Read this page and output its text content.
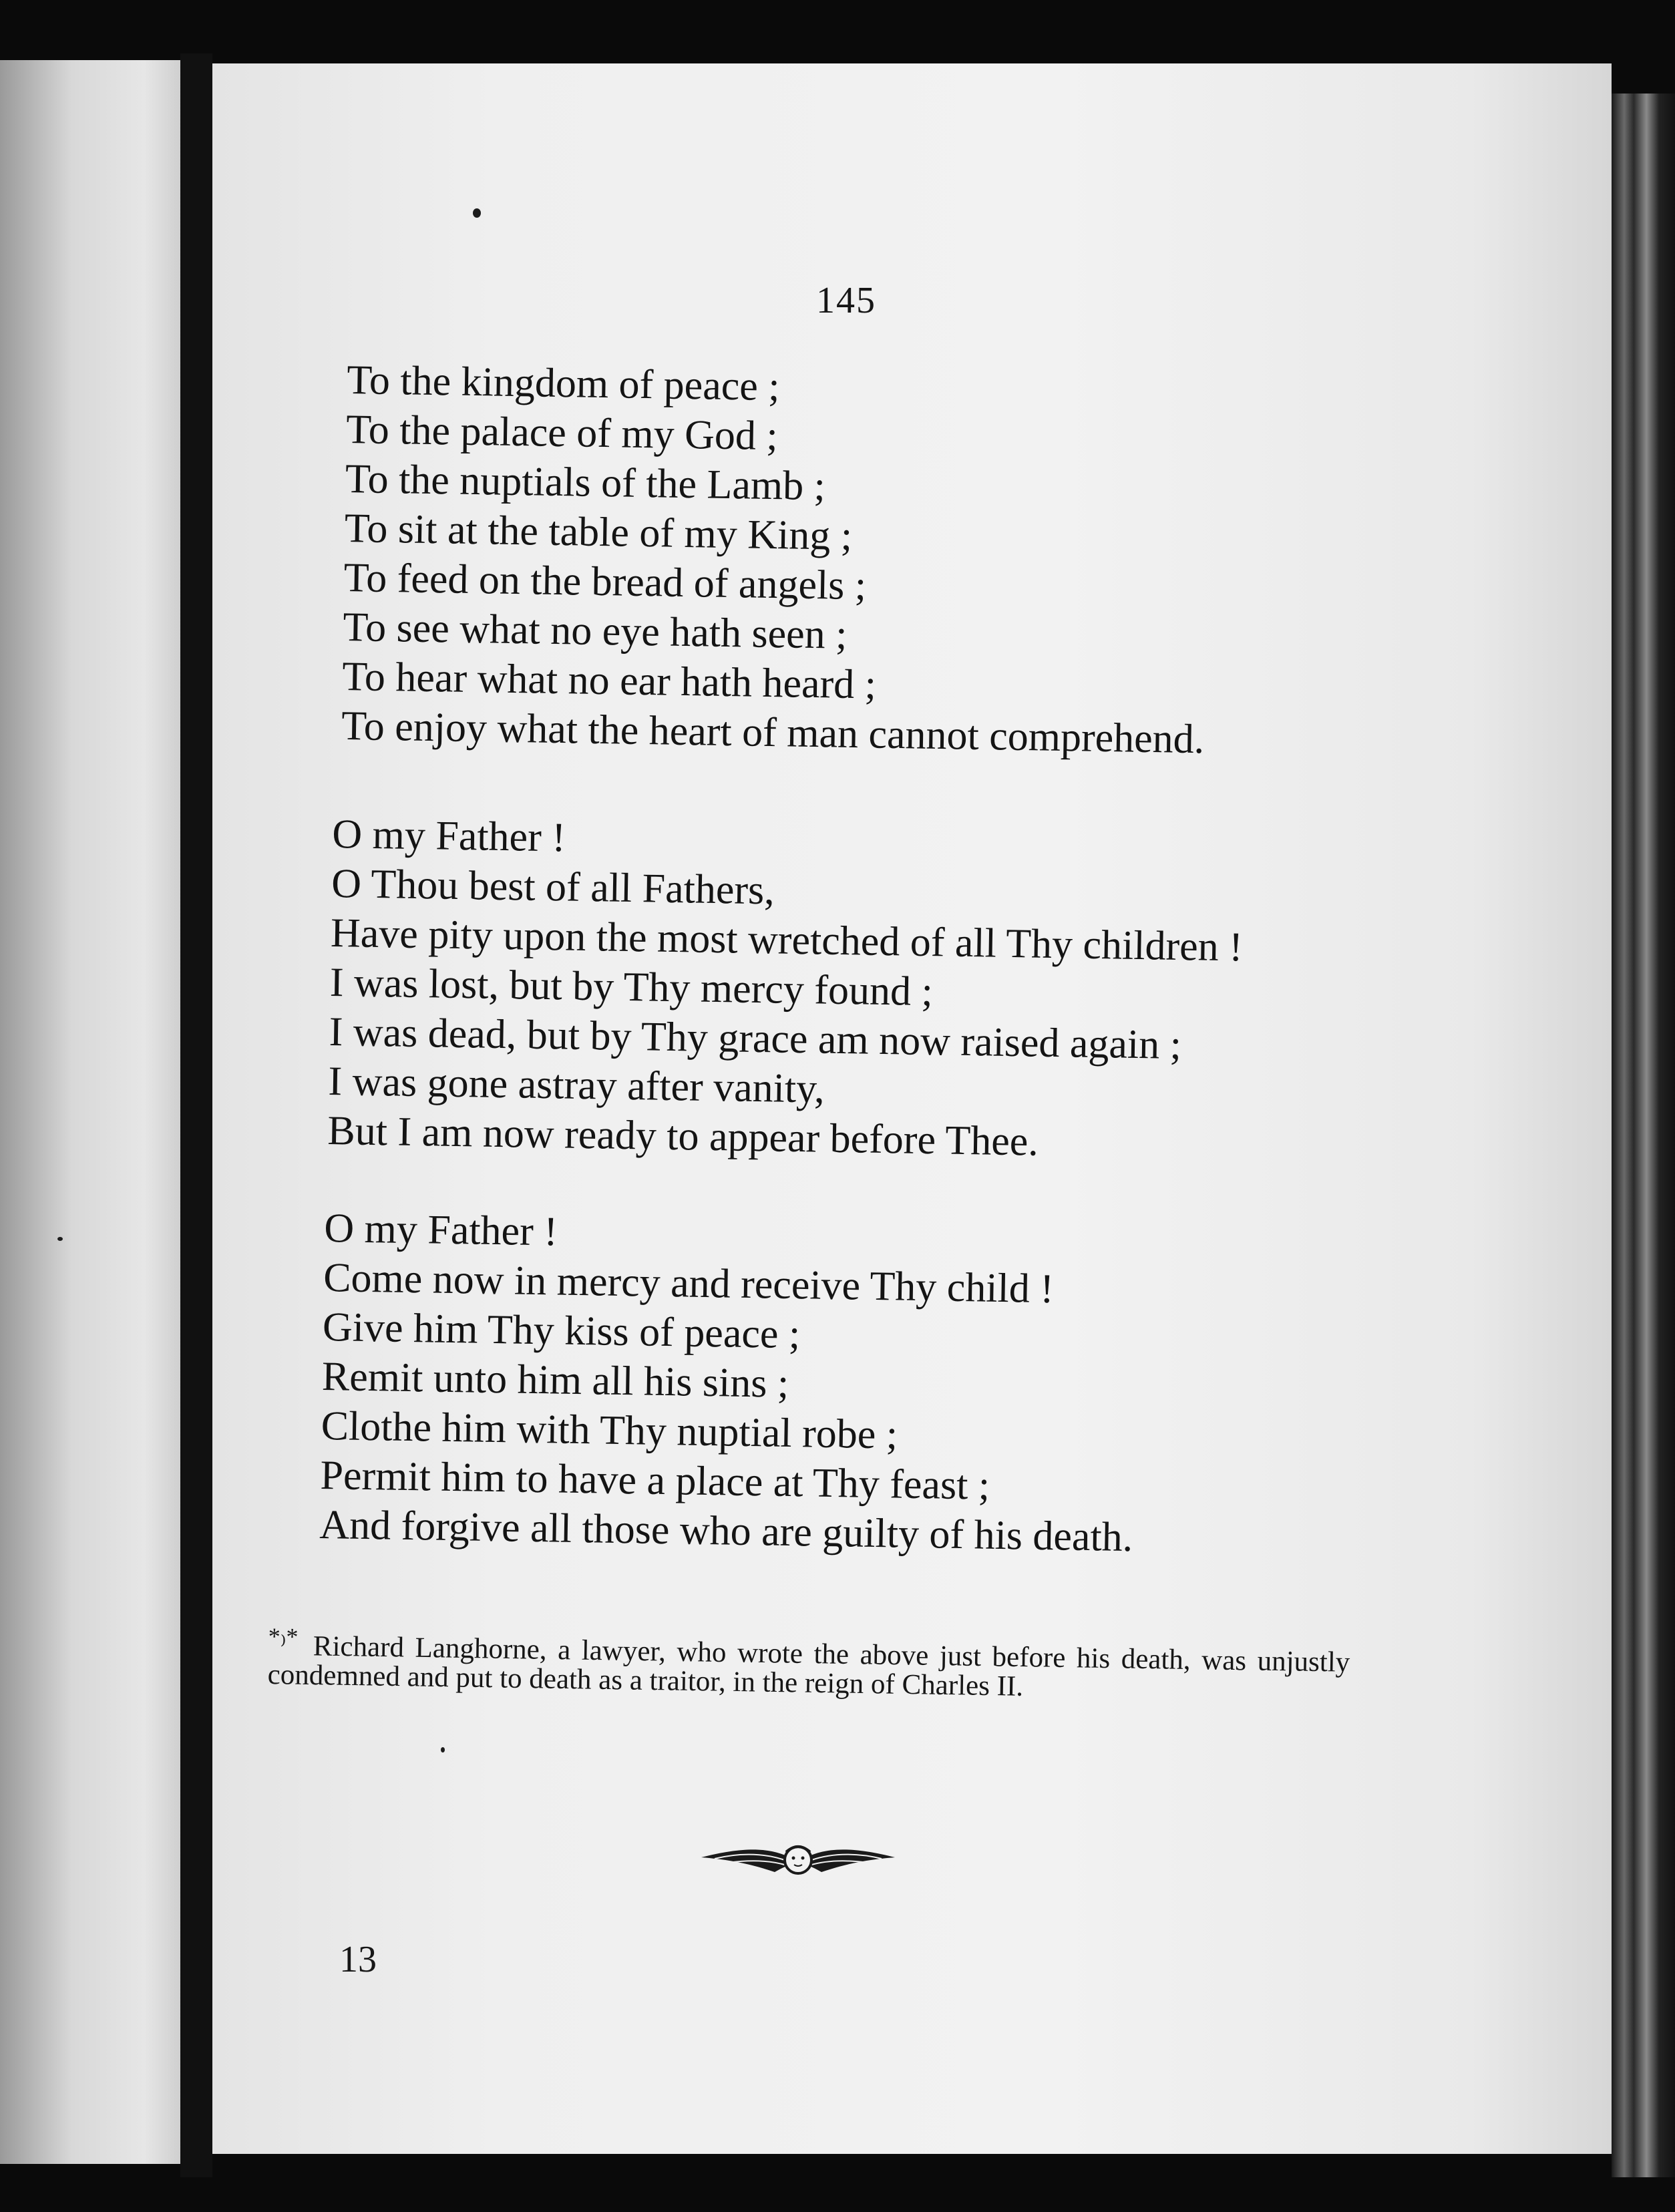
145
To the kingdom of peace ;
To the palace of my God ;
To the nuptials of the Lamb ;
To sit at the table of my King ;
To feed on the bread of angels ;
To see what no eye hath seen ;
To hear what no ear hath heard ;
To enjoy what the heart of man cannot comprehend.
O my Father !
O Thou best of all Fathers,
Have pity upon the most wretched of all Thy children !
I was lost, but by Thy mercy found ;
I was dead, but by Thy grace am now raised again ;
I was gone astray after vanity,
But I am now ready to appear before Thee.
O my Father !
Come now in mercy and receive Thy child !
Give him Thy kiss of peace ;
Remit unto him all his sins ;
Clothe him with Thy nuptial robe ;
Permit him to have a place at Thy feast ;
And forgive all those who are guilty of his death.
*₎* Richard Langhorne, a lawyer, who wrote the above just before his death, was unjustly condemned and put to death as a traitor, in the reign of Charles II.
13
